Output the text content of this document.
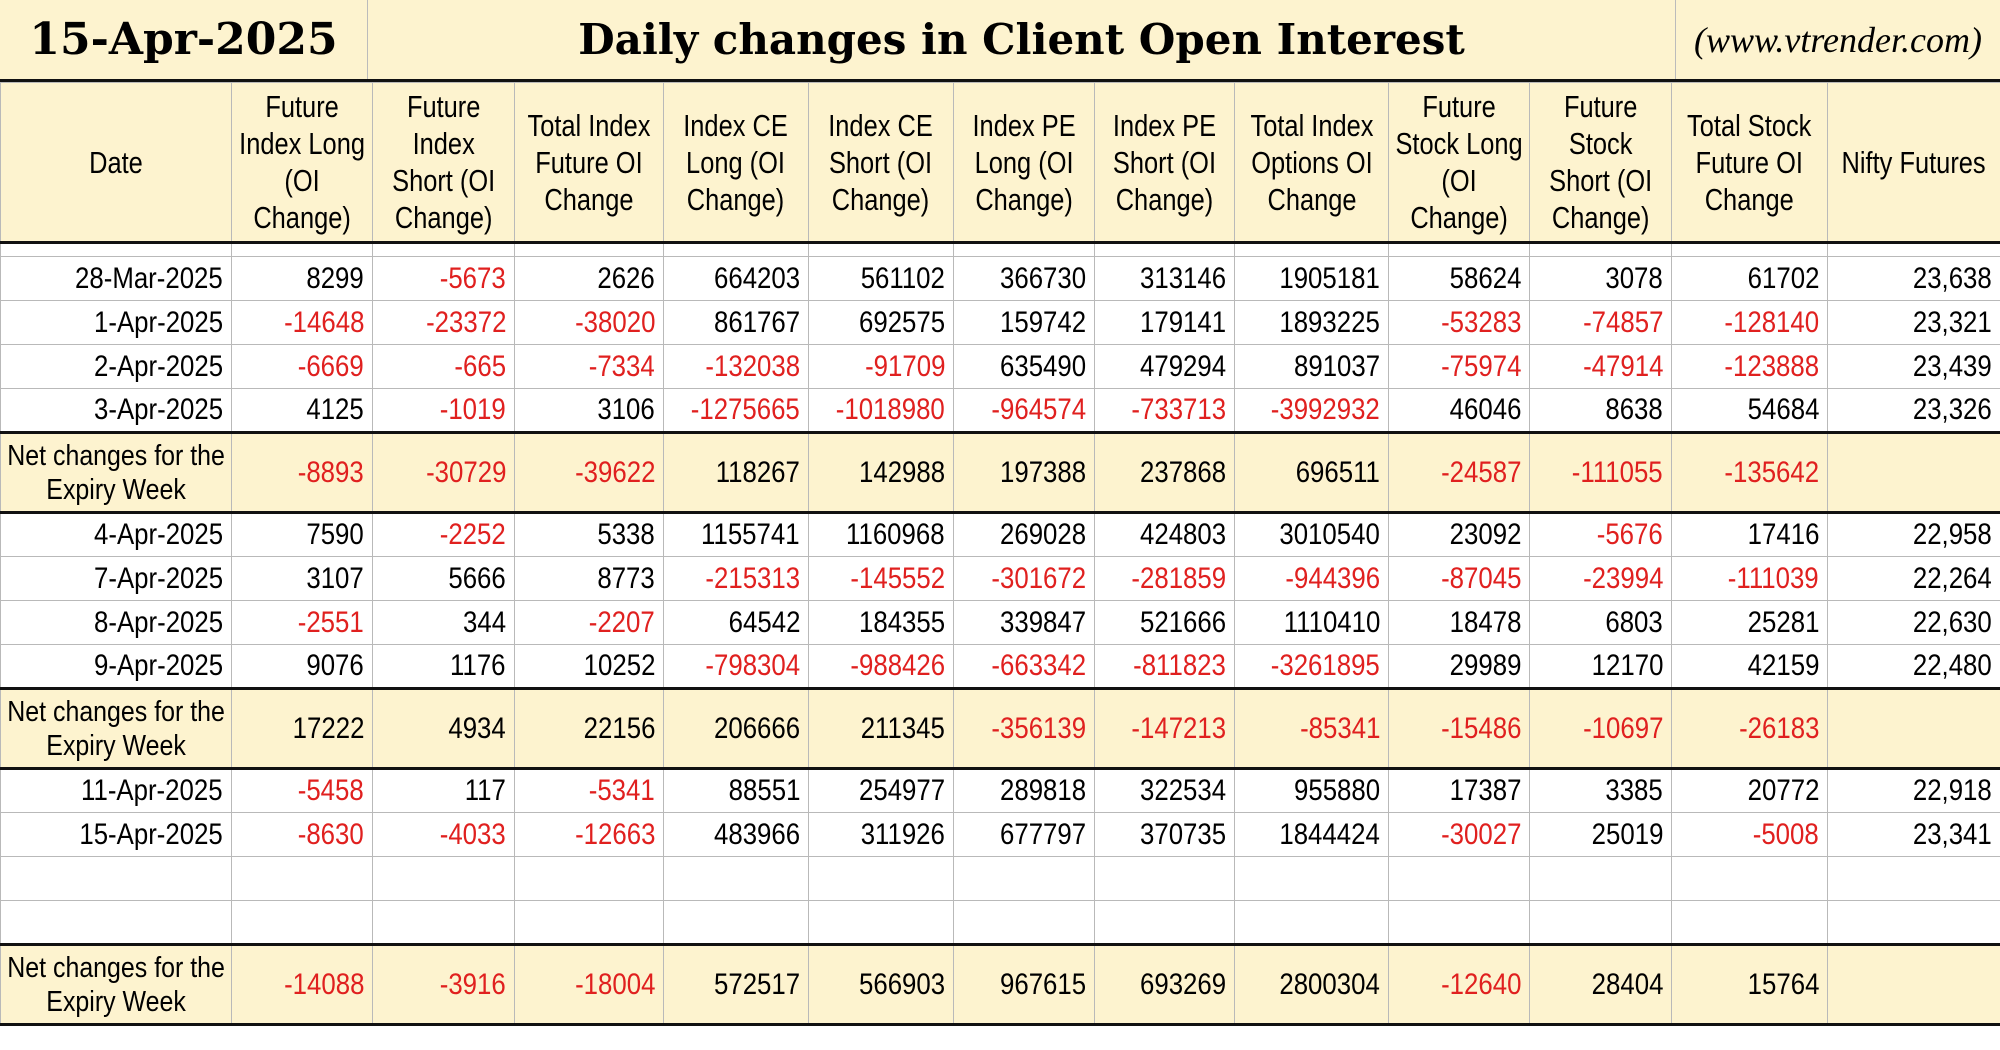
15-Apr-2025	Daily changes in Client Open Interest	(www.vtrender.com)
Date	Future Index Long (OI Change)	Future Index Short (OI Change)	Total Index Future OI Change	Index CE Long (OI Change)	Index CE Short (OI Change)	Index PE Long (OI Change)	Index PE Short (OI Change)	Total Index Options OI Change	Future Stock Long (OI Change)	Future Stock Short (OI Change)	Total Stock Future OI Change	Nifty Futures

28-Mar-2025	8299	-5673	2626	664203	561102	366730	313146	1905181	58624	3078	61702	23,638
1-Apr-2025	-14648	-23372	-38020	861767	692575	159742	179141	1893225	-53283	-74857	-128140	23,321
2-Apr-2025	-6669	-665	-7334	-132038	-91709	635490	479294	891037	-75974	-47914	-123888	23,439
3-Apr-2025	4125	-1019	3106	-1275665	-1018980	-964574	-733713	-3992932	46046	8638	54684	23,326
Net changes for the Expiry Week	-8893	-30729	-39622	118267	142988	197388	237868	696511	-24587	-111055	-135642	
4-Apr-2025	7590	-2252	5338	1155741	1160968	269028	424803	3010540	23092	-5676	17416	22,958
7-Apr-2025	3107	5666	8773	-215313	-145552	-301672	-281859	-944396	-87045	-23994	-111039	22,264
8-Apr-2025	-2551	344	-2207	64542	184355	339847	521666	1110410	18478	6803	25281	22,630
9-Apr-2025	9076	1176	10252	-798304	-988426	-663342	-811823	-3261895	29989	12170	42159	22,480
Net changes for the Expiry Week	17222	4934	22156	206666	211345	-356139	-147213	-85341	-15486	-10697	-26183	
11-Apr-2025	-5458	117	-5341	88551	254977	289818	322534	955880	17387	3385	20772	22,918
15-Apr-2025	-8630	-4033	-12663	483966	311926	677797	370735	1844424	-30027	25019	-5008	23,341

Net changes for the Expiry Week	-14088	-3916	-18004	572517	566903	967615	693269	2800304	-12640	28404	15764	
